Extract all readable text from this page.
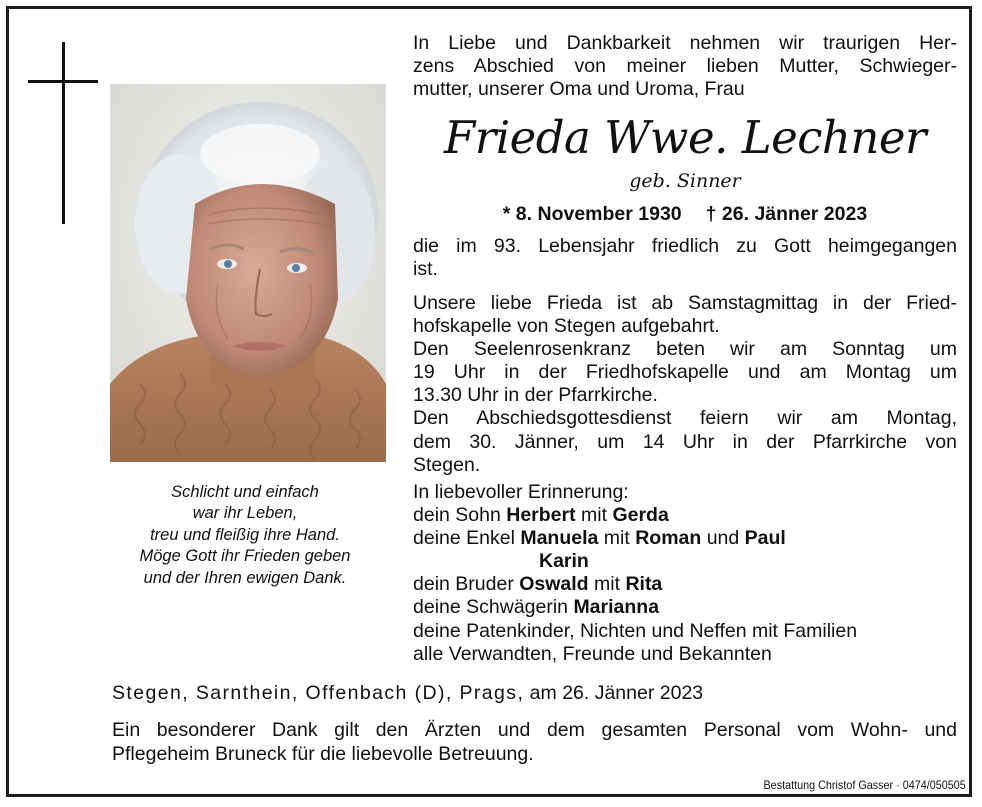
Schlicht und einfach
war ihr Leben,
treu und fleißig ihre Hand.
Möge Gott ihr Frieden geben
und der Ihren ewigen Dank.
In Liebe und Dankbarkeit nehmen wir traurigen Her-
zens Abschied von meiner lieben Mutter, Schwieger-
mutter, unserer Oma und Uroma, Frau
Frieda Wwe. Lechner
geb. Sinner
* 8. November 1930 † 26. Jänner 2023
die im 93. Lebensjahr friedlich zu Gott heimgegangen
ist.
Unsere liebe Frieda ist ab Samstagmittag in der Fried-
hofskapelle von Stegen aufgebahrt.
Den Seelenrosenkranz beten wir am Sonntag um
19 Uhr in der Friedhofskapelle und am Montag um
13.30 Uhr in der Pfarrkirche.
Den Abschiedsgottesdienst feiern wir am Montag,
dem 30. Jänner, um 14 Uhr in der Pfarrkirche von
Stegen.
In liebevoller Erinnerung:
dein Sohn Herbert mit Gerda
deine Enkel Manuela mit Roman und Paul
Karin
dein Bruder Oswald mit Rita
deine Schwägerin Marianna
deine Patenkinder, Nichten und Neffen mit Familien
alle Verwandten, Freunde und Bekannten
Stegen, Sarnthein, Offenbach (D), Prags, am 26. Jänner 2023
Ein besonderer Dank gilt den Ärzten und dem gesamten Personal vom Wohn- und
Pflegeheim Bruneck für die liebevolle Betreuung.
Bestattung Christof Gasser · 0474/050505
